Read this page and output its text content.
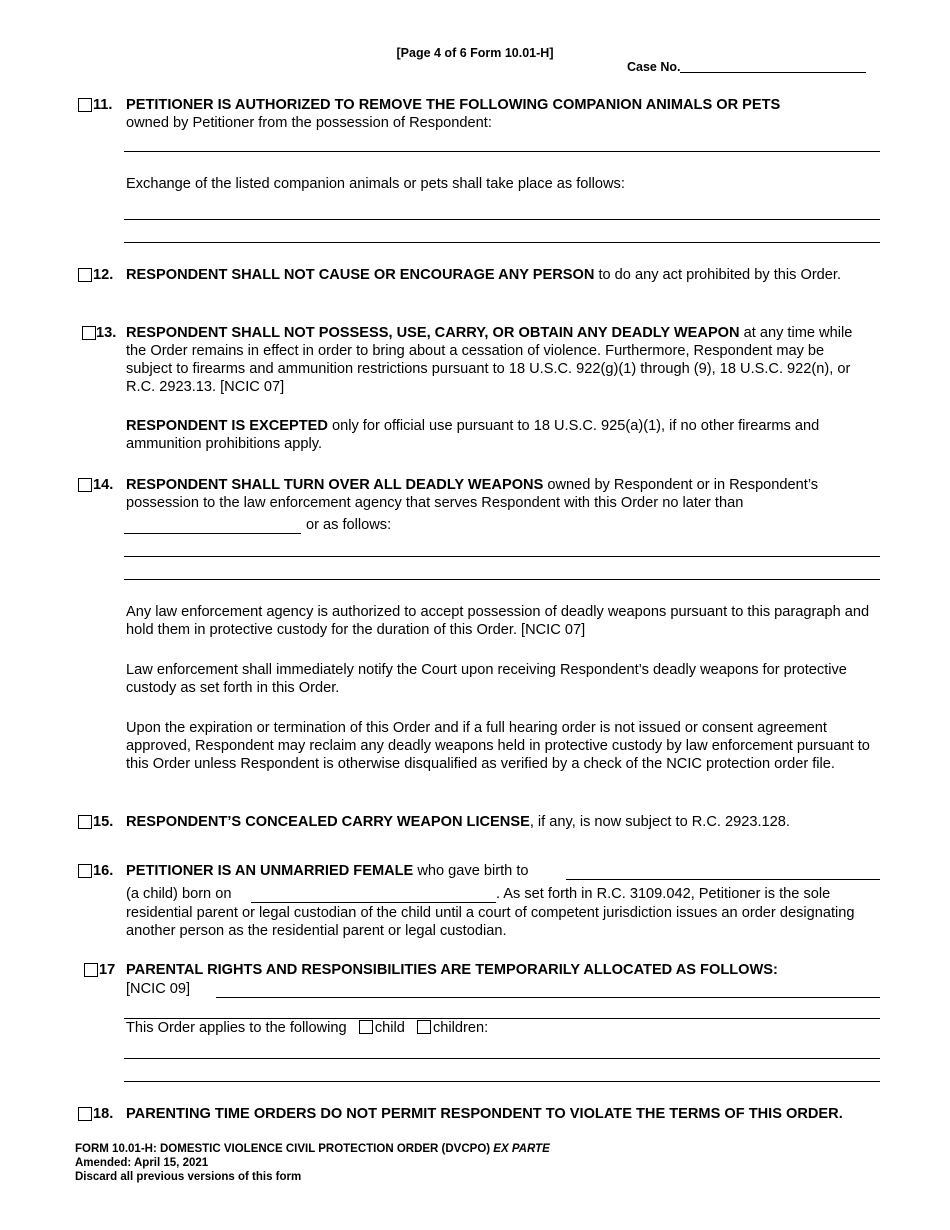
[Page 4 of 6 Form 10.01-H]
Case No.
11. PETITIONER IS AUTHORIZED TO REMOVE THE FOLLOWING COMPANION ANIMALS OR PETS
owned by Petitioner from the possession of Respondent:
Exchange of the listed companion animals or pets shall take place as follows:
12. RESPONDENT SHALL NOT CAUSE OR ENCOURAGE ANY PERSON to do any act prohibited by this Order.
13. RESPONDENT SHALL NOT POSSESS, USE, CARRY, OR OBTAIN ANY DEADLY WEAPON at any time while the Order remains in effect in order to bring about a cessation of violence. Furthermore, Respondent may be subject to firearms and ammunition restrictions pursuant to 18 U.S.C. 922(g)(1) through (9), 18 U.S.C. 922(n), or R.C. 2923.13. [NCIC 07]
RESPONDENT IS EXCEPTED only for official use pursuant to 18 U.S.C. 925(a)(1), if no other firearms and ammunition prohibitions apply.
14. RESPONDENT SHALL TURN OVER ALL DEADLY WEAPONS owned by Respondent or in Respondent’s possession to the law enforcement agency that serves Respondent with this Order no later than
or as follows:
Any law enforcement agency is authorized to accept possession of deadly weapons pursuant to this paragraph and hold them in protective custody for the duration of this Order. [NCIC 07]
Law enforcement shall immediately notify the Court upon receiving Respondent’s deadly weapons for protective custody as set forth in this Order.
Upon the expiration or termination of this Order and if a full hearing order is not issued or consent agreement approved, Respondent may reclaim any deadly weapons held in protective custody by law enforcement pursuant to this Order unless Respondent is otherwise disqualified as verified by a check of the NCIC protection order file.
15. RESPONDENT’S CONCEALED CARRY WEAPON LICENSE, if any, is now subject to R.C. 2923.128.
16. PETITIONER IS AN UNMARRIED FEMALE who gave birth to
(a child) born on	. As set forth in R.C. 3109.042, Petitioner is the sole
residential parent or legal custodian of the child until a court of competent jurisdiction issues an order designating another person as the residential parent or legal custodian.
17 PARENTAL RIGHTS AND RESPONSIBILITIES ARE TEMPORARILY ALLOCATED AS FOLLOWS:
[NCIC 09]
This Order applies to the following child children:
18. PARENTING TIME ORDERS DO NOT PERMIT RESPONDENT TO VIOLATE THE TERMS OF THIS ORDER.
FORM 10.01-H: DOMESTIC VIOLENCE CIVIL PROTECTION ORDER (DVCPO) EX PARTE
Amended: April 15, 2021
Discard all previous versions of this form
